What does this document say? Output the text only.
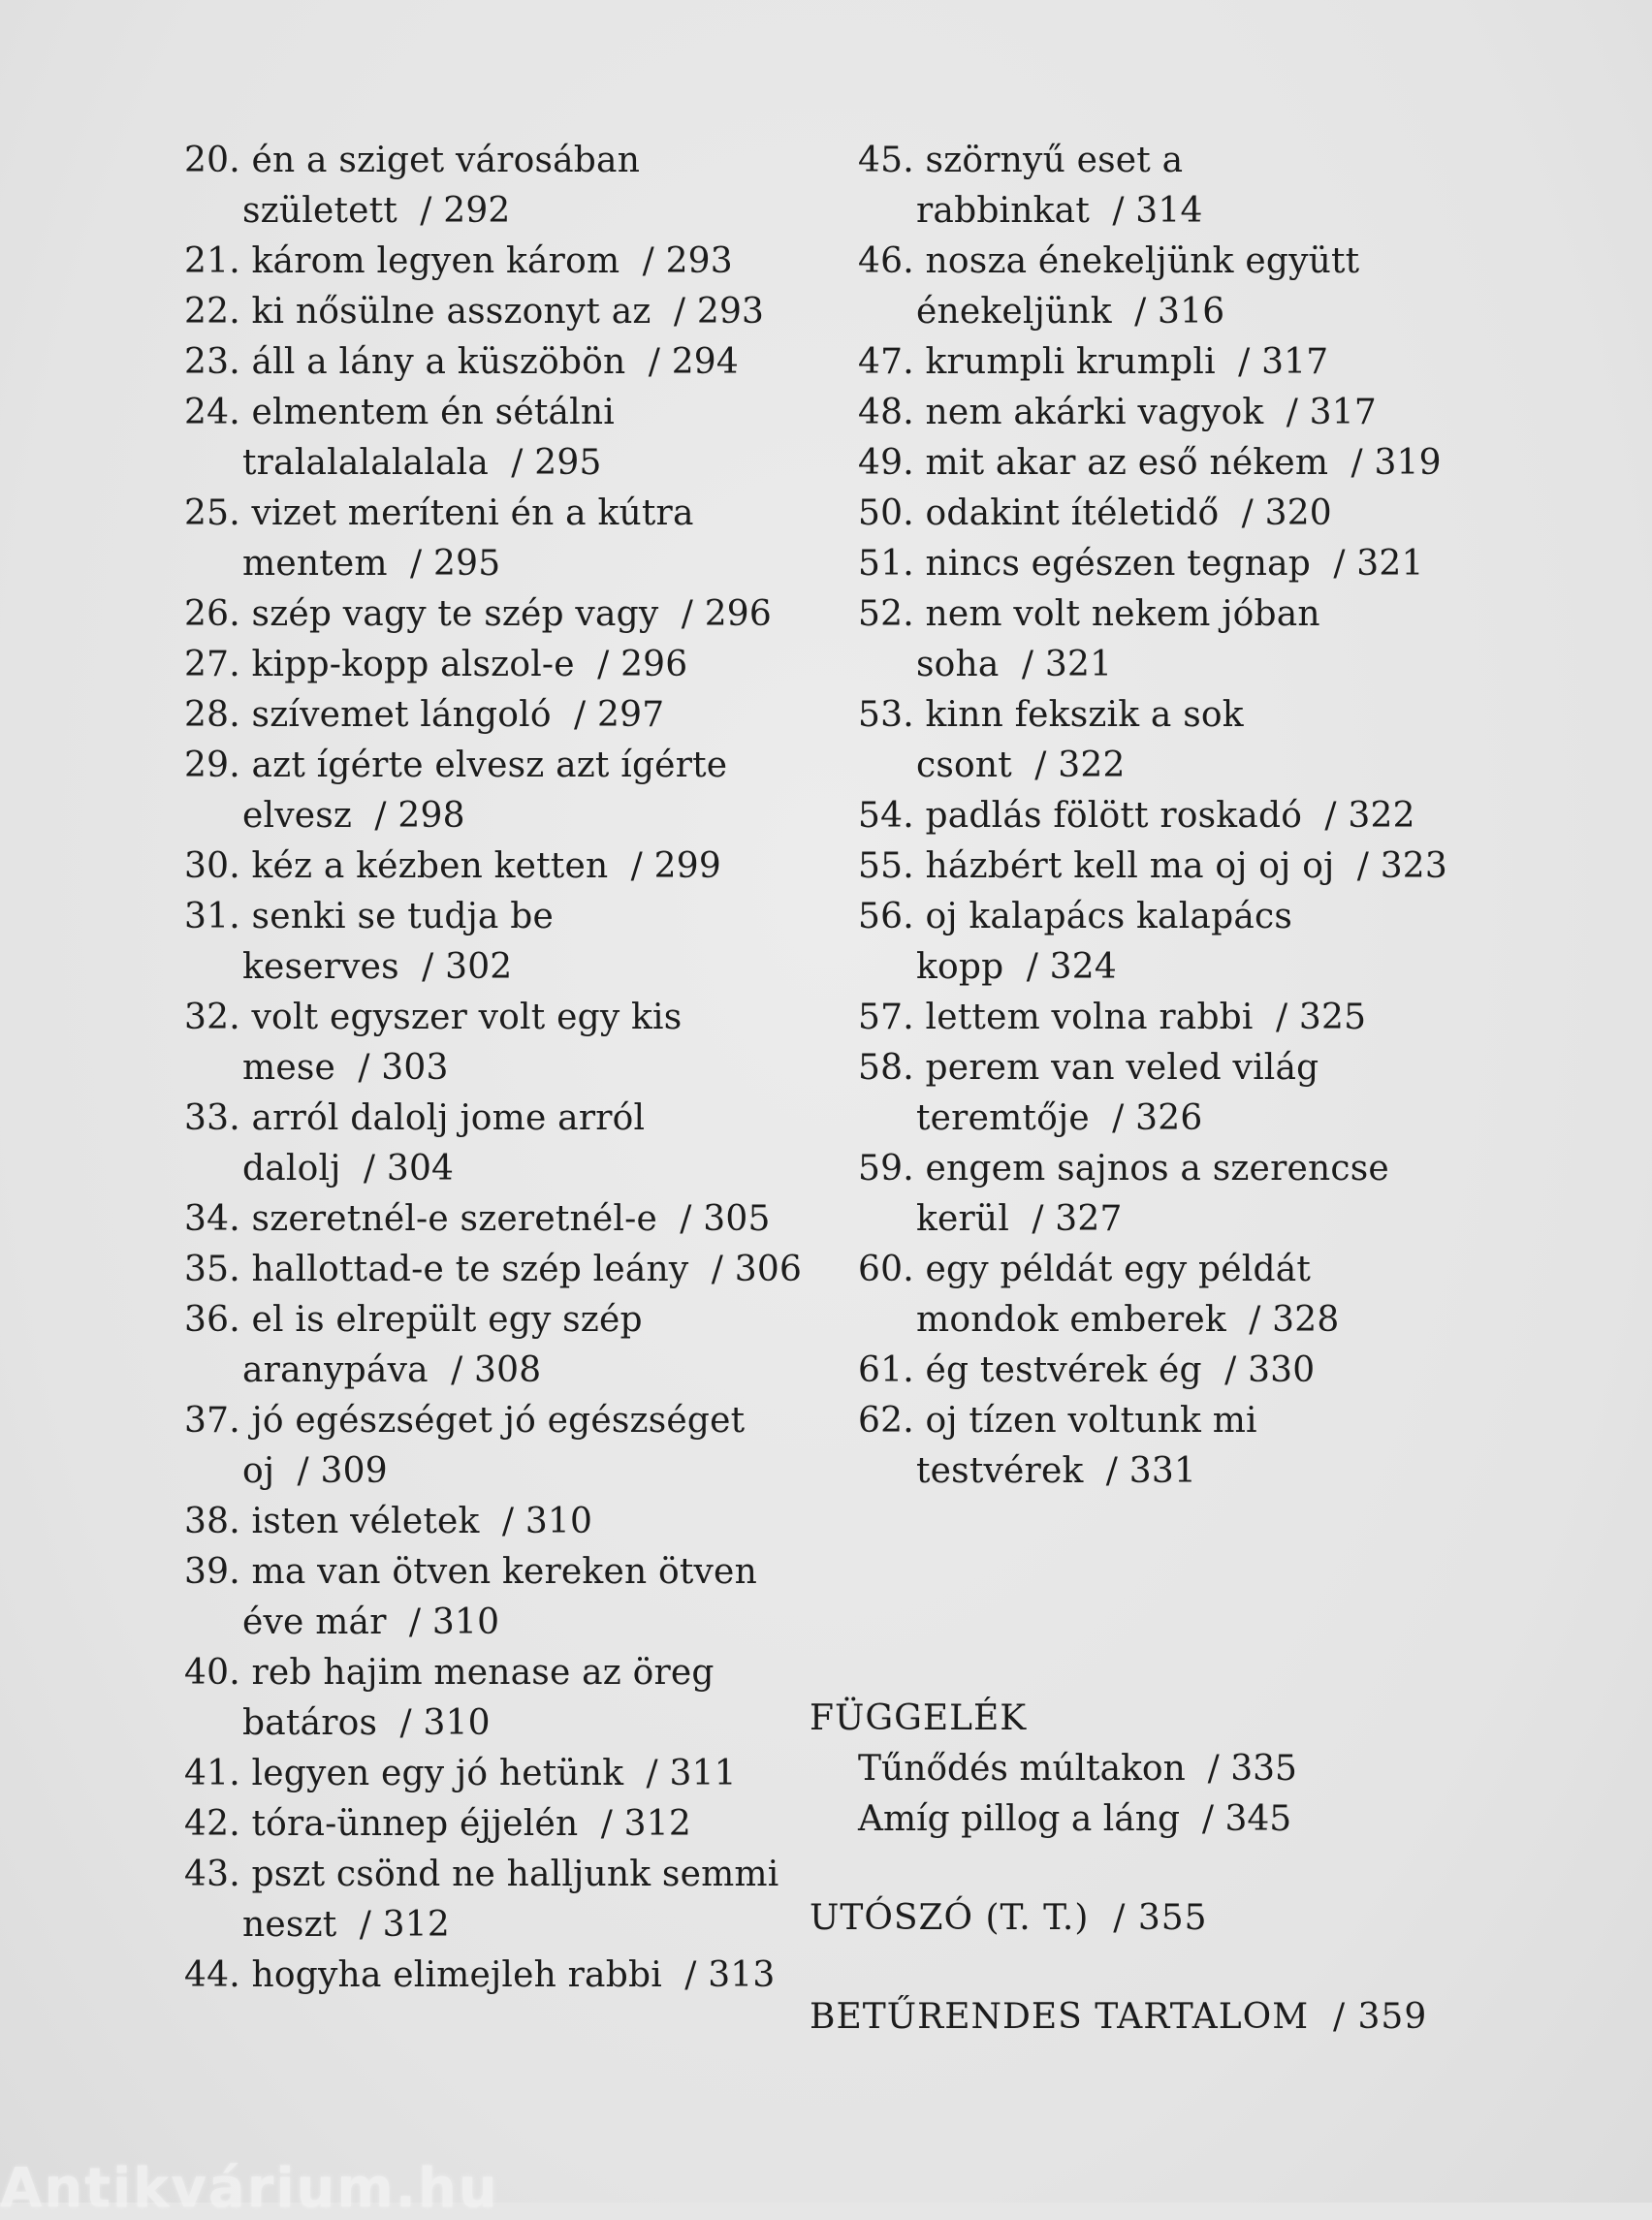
20. én a sziget városában született / 292
21. károm legyen károm / 293
22. ki nősülne asszonyt az / 293
23. áll a lány a küszöbön / 294
24. elmentem én sétálni tralalalalalala / 295
25. vizet meríteni én a kútra mentem / 295
26. szép vagy te szép vagy / 296
27. kipp-kopp alszol-e / 296
28. szívemet lángoló / 297
29. azt ígérte elvesz azt ígérte elvesz / 298
30. kéz a kézben ketten / 299
31. senki se tudja be keserves / 302
32. volt egyszer volt egy kis mese / 303
33. arról dalolj jome arról dalolj / 304
34. szeretnél-e szeretnél-e / 305
35. hallottad-e te szép leány / 306
36. el is elrepült egy szép aranypáva / 308
37. jó egészséget jó egészséget oj / 309
38. isten véletek / 310
39. ma van ötven kereken ötven éve már / 310
40. reb hajim menase az öreg batáros / 310
41. legyen egy jó hetünk / 311
42. tóra-ünnep éjjelén / 312
43. pszt csönd ne halljunk semmi neszt / 312
44. hogyha elimejleh rabbi / 313
45. szörnyű eset a rabbinkat / 314
46. nosza énekeljünk együtt énekeljünk / 316
47. krumpli krumpli / 317
48. nem akárki vagyok / 317
49. mit akar az eső nékem / 319
50. odakint ítéletidő / 320
51. nincs egészen tegnap / 321
52. nem volt nekem jóban soha / 321
53. kinn fekszik a sok csont / 322
54. padlás fölött roskadó / 322
55. házbért kell ma oj oj oj / 323
56. oj kalapács kalapács kopp / 324
57. lettem volna rabbi / 325
58. perem van veled világ teremtője / 326
59. engem sajnos a szerencse kerül / 327
60. egy példát egy példát mondok emberek / 328
61. ég testvérek ég / 330
62. oj tízen voltunk mi testvérek / 331
FÜGGELÉK
Tűnődés múltakon / 335
Amíg pillog a láng / 345
UTÓSZÓ (T. T.) / 355
BETŰRENDES TARTALOM / 359
Antikvárium.hu
